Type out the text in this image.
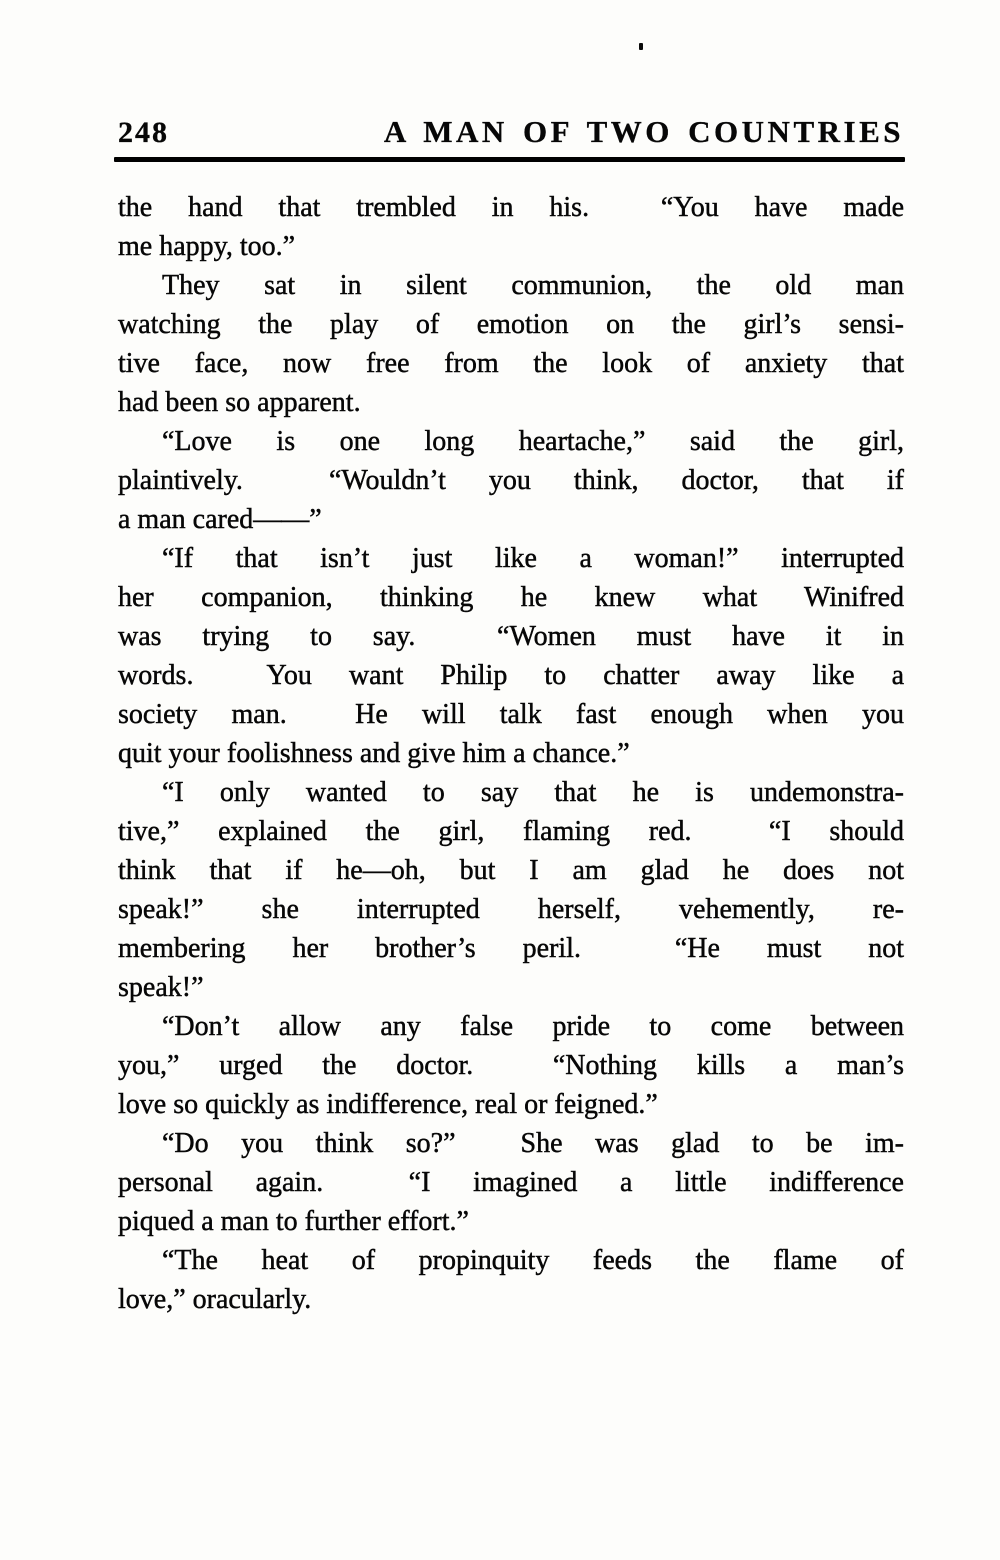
248	A MAN OF TWO COUNTRIES
the hand that trembled in his.  “You have made
me happy, too.”
They sat in silent communion, the old man
watching the play of emotion on the girl’s sensi-
tive face, now free from the look of anxiety that
had been so apparent.
“Love is one long heartache,” said the girl,
plaintively.  “Wouldn’t you think, doctor, that if
a man cared——”
“If that isn’t just like a woman!” interrupted
her companion, thinking he knew what Winifred
was trying to say.  “Women must have it in
words.  You want Philip to chatter away like a
society man.  He will talk fast enough when you
quit your foolishness and give him a chance.”
“I only wanted to say that he is undemonstra-
tive,” explained the girl, flaming red.  “I should
think that if he—oh, but I am glad he does not
speak!” she interrupted herself, vehemently, re-
membering her brother’s peril.  “He must not
speak!”
“Don’t allow any false pride to come between
you,” urged the doctor.  “Nothing kills a man’s
love so quickly as indifference, real or feigned.”
“Do you think so?”  She was glad to be im-
personal again.  “I imagined a little indifference
piqued a man to further effort.”
“The heat of propinquity feeds the flame of
love,” oracularly.
